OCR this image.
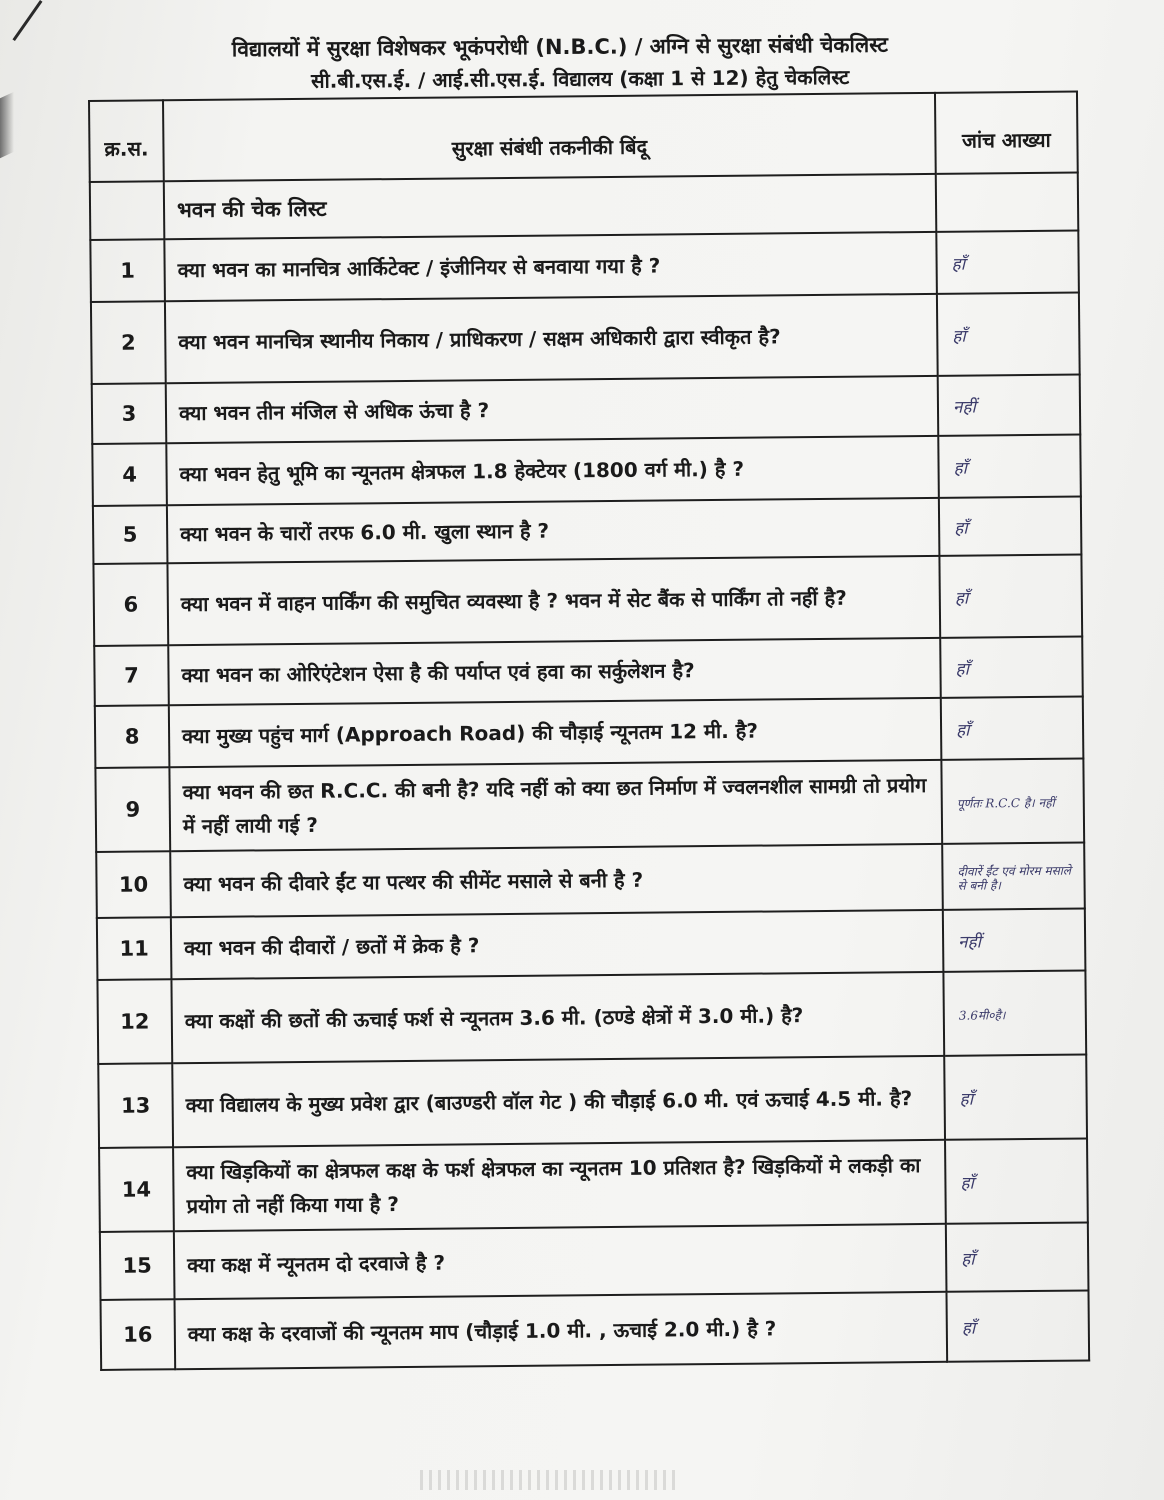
विद्यालयों में सुरक्षा विशेषकर भूकंपरोधी (N.B.C.) / अग्नि से सुरक्षा संबंधी चेकलिस्ट
सी.बी.एस.ई. / आई.सी.एस.ई. विद्यालय (कक्षा 1 से 12) हेतु चेकलिस्ट
क्र.स.	सुरक्षा संबंधी तकनीकी बिंदू	जांच आख्या
	भवन की चेक लिस्ट	
1	क्या भवन का मानचित्र आर्किटेक्ट / इंजीनियर से बनवाया गया है ?	हाँ
2	क्या भवन मानचित्र स्थानीय निकाय / प्राधिकरण / सक्षम अधिकारी द्वारा स्वीकृत है?	हाँ
3	क्या भवन तीन मंजिल से अधिक ऊंचा है ?	नहीं
4	क्या भवन हेतु भूमि का न्यूनतम क्षेत्रफल 1.8 हेक्टेयर (1800 वर्ग मी.) है ?	हाँ
5	क्या भवन के चारों तरफ 6.0 मी. खुला स्थान है ?	हाँ
6	क्या भवन में वाहन पार्किंग की समुचित व्यवस्था है ? भवन में सेट बैंक से पार्किंग तो नहीं है?	हाँ
7	क्या भवन का ओरिएंटेशन ऐसा है की पर्याप्त एवं हवा का सर्कुलेशन है?	हाँ
8	क्या मुख्य पहुंच मार्ग (Approach Road) की चौड़ाई न्यूनतम 12 मी. है?	हाँ
9	क्या भवन की छत R.C.C. की बनी है? यदि नहीं को क्या छत निर्माण में ज्वलनशील सामग्री तो प्रयोग में नहीं लायी गई ?	पूर्णतः R.C.C है। नहीं
10	क्या भवन की दीवारे ईंट या पत्थर की सीमेंट मसाले से बनी है ?	दीवारें ईंट एवं मोरम मसाले से बनी है।
11	क्या भवन की दीवारों / छतों में क्रेक है ?	नहीं
12	क्या कक्षों की छतों की ऊचाई फर्श से न्यूनतम 3.6 मी. (ठण्डे क्षेत्रों में 3.0 मी.) है?	3.6मी०है।
13	क्या विद्यालय के मुख्य प्रवेश द्वार (बाउण्डरी वॉल गेट ) की चौड़ाई 6.0 मी. एवं ऊचाई 4.5 मी. है?	हाँ
14	क्या खिड़कियों का क्षेत्रफल कक्ष के फर्श क्षेत्रफल का न्यूनतम 10 प्रतिशत है? खिड़कियों मे लकड़ी का प्रयोग तो नहीं किया गया है ?	हाँ
15	क्या कक्ष में न्यूनतम दो दरवाजे है ?	हाँ
16	क्या कक्ष के दरवाजों की न्यूनतम माप (चौड़ाई 1.0 मी. , ऊचाई 2.0 मी.) है ?	हाँ
